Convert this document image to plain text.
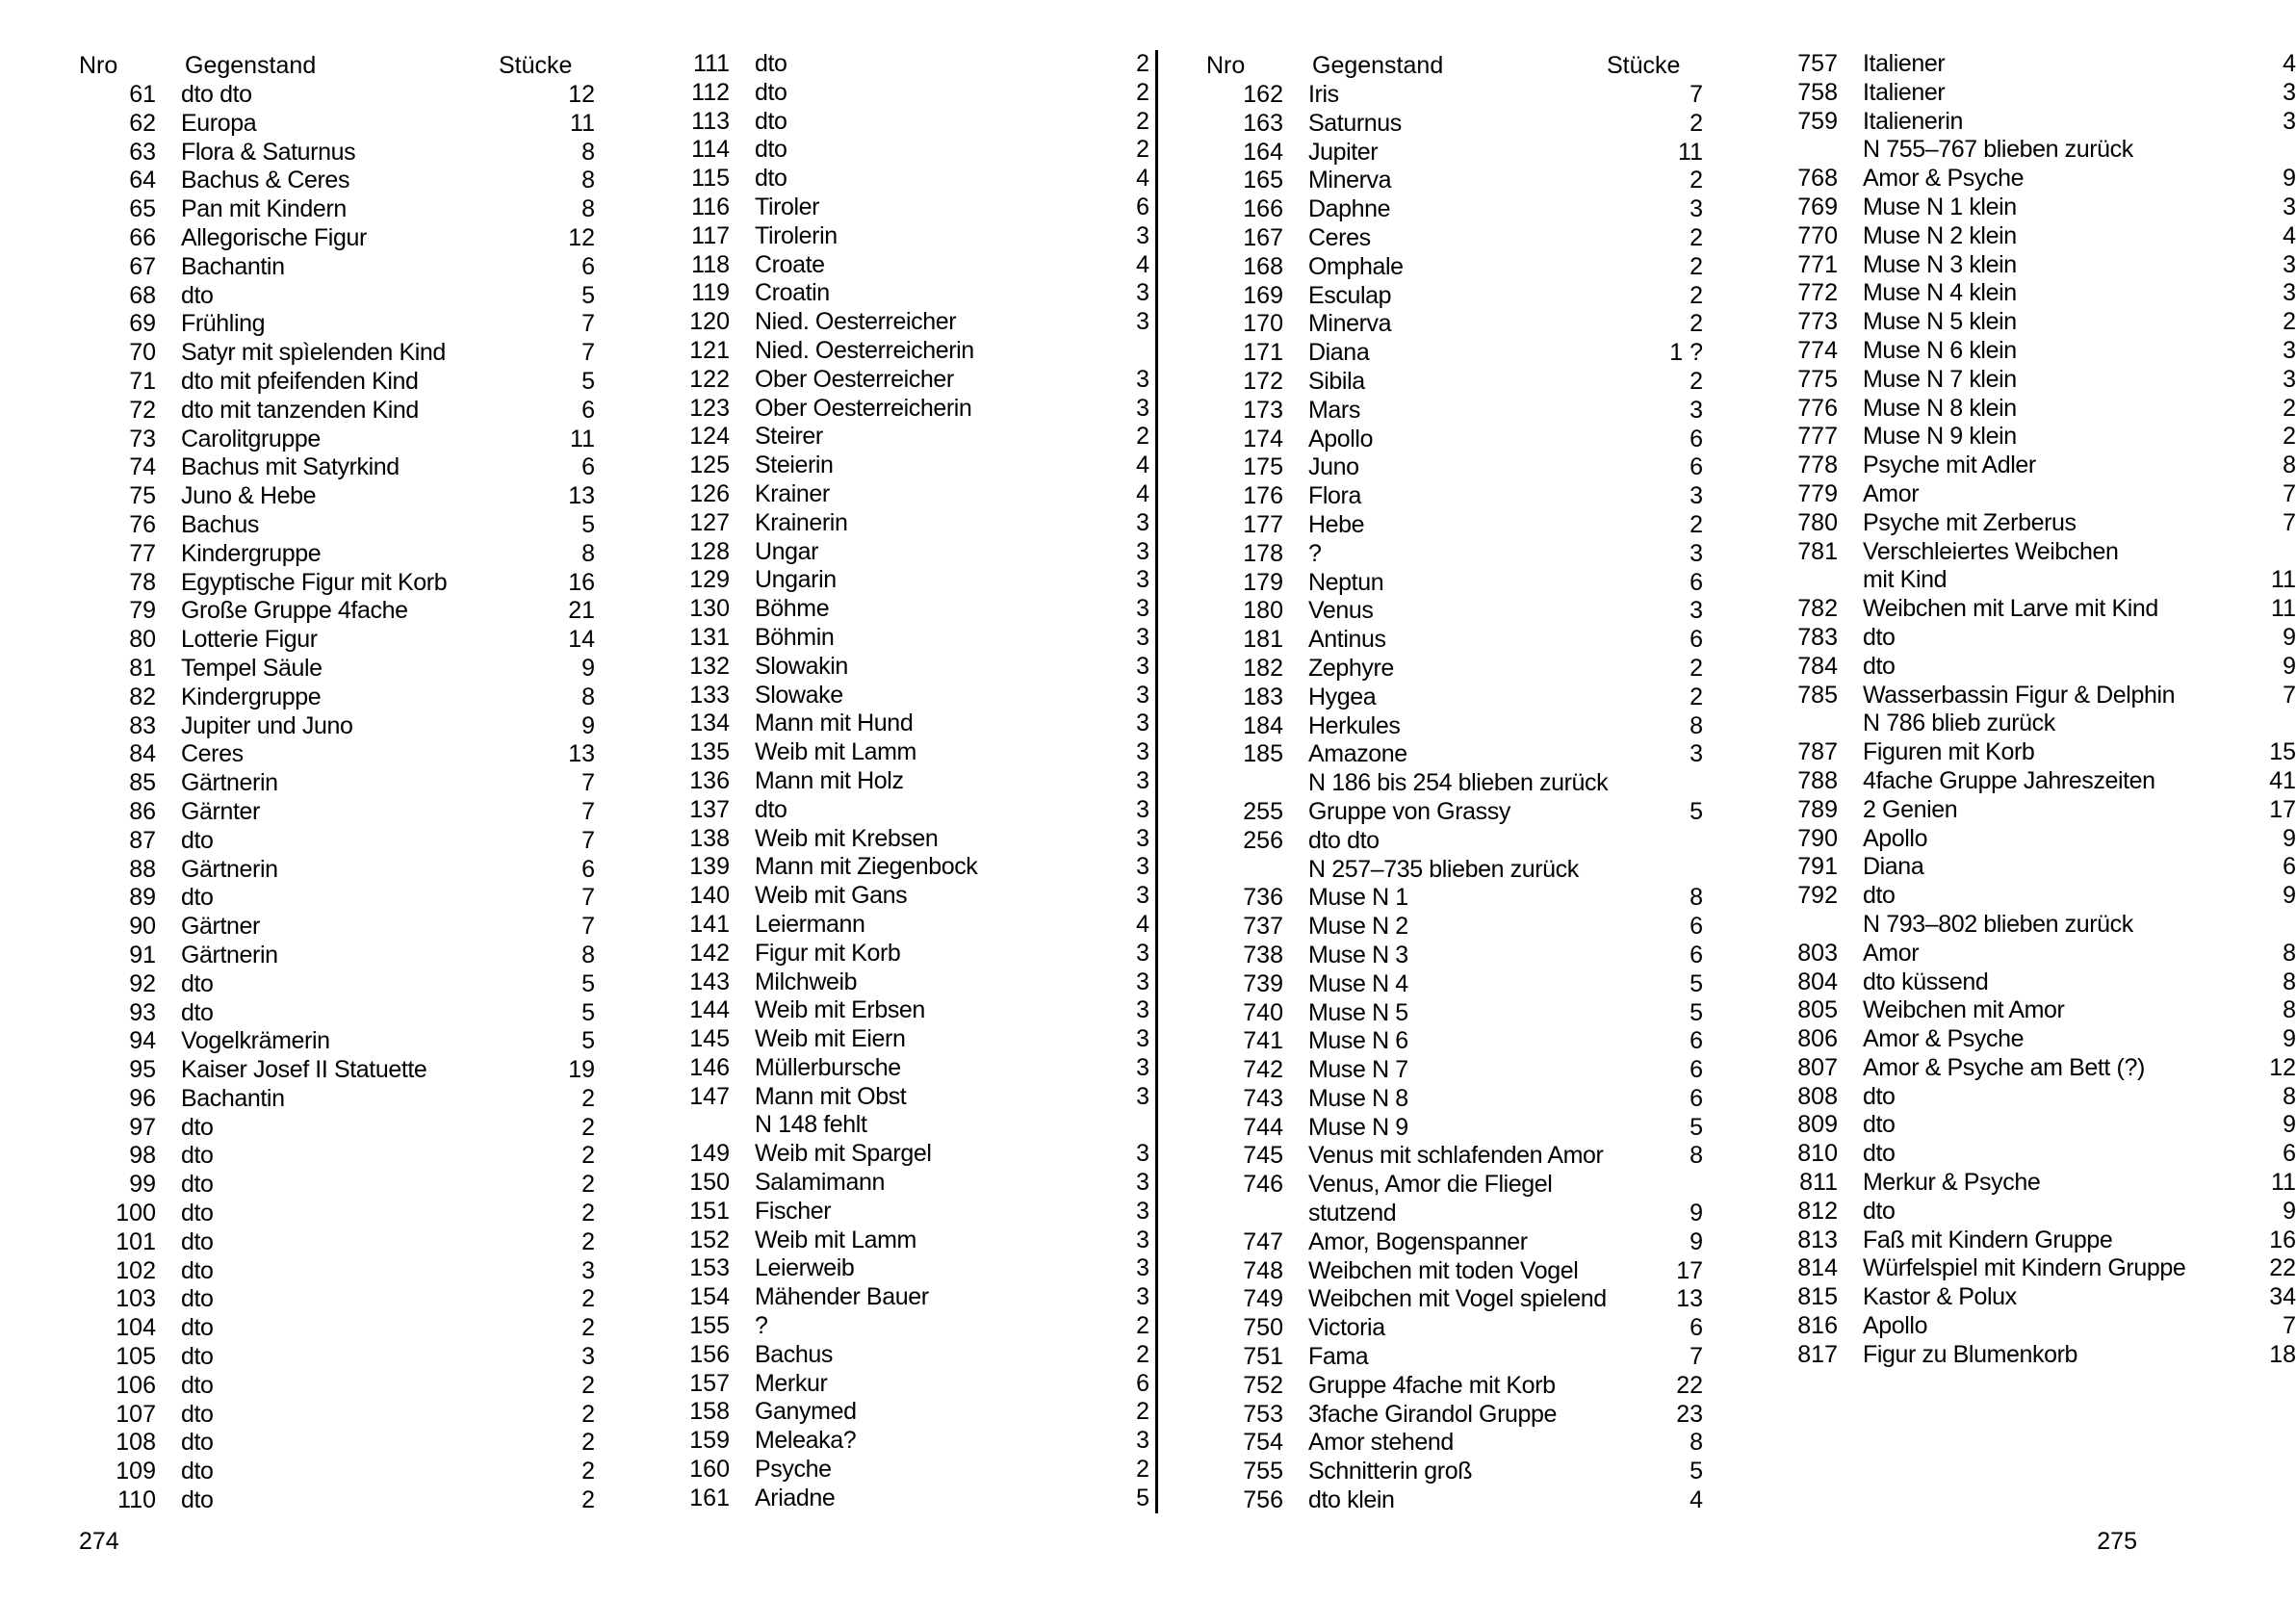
Nro	Gegenstand	Stücke
61	dto dto	12
62	Europa	11
63	Flora & Saturnus	8
64	Bachus & Ceres	8
65	Pan mit Kindern	8
66	Allegorische Figur	12
67	Bachantin	6
68	dto	5
69	Frühling	7
70	Satyr mit spìelenden Kind	7
71	dto mit pfeifenden Kind	5
72	dto mit tanzenden Kind	6
73	Carolitgruppe	11
74	Bachus mit Satyrkind	6
75	Juno & Hebe	13
76	Bachus	5
77	Kindergruppe	8
78	Egyptische Figur mit Korb	16
79	Große Gruppe 4fache	21
80	Lotterie Figur	14
81	Tempel Säule	9
82	Kindergruppe	8
83	Jupiter und Juno	9
84	Ceres	13
85	Gärtnerin	7
86	Gärnter	7
87	dto	7
88	Gärtnerin	6
89	dto	7
90	Gärtner	7
91	Gärtnerin	8
92	dto	5
93	dto	5
94	Vogelkrämerin	5
95	Kaiser Josef II Statuette	19
96	Bachantin	2
97	dto	2
98	dto	2
99	dto	2
100	dto	2
101	dto	2
102	dto	3
103	dto	2
104	dto	2
105	dto	3
106	dto	2
107	dto	2
108	dto	2
109	dto	2
110	dto	2
111	dto	2
112	dto	2
113	dto	2
114	dto	2
115	dto	4
116	Tiroler	6
117	Tirolerin	3
118	Croate	4
119	Croatin	3
120	Nied. Oesterreicher	3
121	Nied. Oesterreicherin
122	Ober Oesterreicher	3
123	Ober Oesterreicherin	3
124	Steirer	2
125	Steierin	4
126	Krainer	4
127	Krainerin	3
128	Ungar	3
129	Ungarin	3
130	Böhme	3
131	Böhmin	3
132	Slowakin	3
133	Slowake	3
134	Mann mit Hund	3
135	Weib mit Lamm	3
136	Mann mit Holz	3
137	dto	3
138	Weib mit Krebsen	3
139	Mann mit Ziegenbock	3
140	Weib mit Gans	3
141	Leiermann	4
142	Figur mit Korb	3
143	Milchweib	3
144	Weib mit Erbsen	3
145	Weib mit Eiern	3
146	Müllerbursche	3
147	Mann mit Obst	3
N 148 fehlt
149	Weib mit Spargel	3
150	Salamimann	3
151	Fischer	3
152	Weib mit Lamm	3
153	Leierweib	3
154	Mähender Bauer	3
155	?	2
156	Bachus	2
157	Merkur	6
158	Ganymed	2
159	Meleaka?	3
160	Psyche	2
161	Ariadne	5
Nro	Gegenstand	Stücke
162	Iris	7
163	Saturnus	2
164	Jupiter	11
165	Minerva	2
166	Daphne	3
167	Ceres	2
168	Omphale	2
169	Esculap	2
170	Minerva	2
171	Diana	1 ?
172	Sibila	2
173	Mars	3
174	Apollo	6
175	Juno	6
176	Flora	3
177	Hebe	2
178	?	3
179	Neptun	6
180	Venus	3
181	Antinus	6
182	Zephyre	2
183	Hygea	2
184	Herkules	8
185	Amazone	3
N 186 bis 254 blieben zurück
255	Gruppe von Grassy	5
256	dto dto
N 257–735 blieben zurück
736	Muse N 1	8
737	Muse N 2	6
738	Muse N 3	6
739	Muse N 4	5
740	Muse N 5	5
741	Muse N 6	6
742	Muse N 7	6
743	Muse N 8	6
744	Muse N 9	5
745	Venus mit schlafenden Amor	8
746	Venus, Amor die Fliegel
stutzend	9
747	Amor, Bogenspanner	9
748	Weibchen mit toden Vogel	17
749	Weibchen mit Vogel spielend	13
750	Victoria	6
751	Fama	7
752	Gruppe 4fache mit Korb	22
753	3fache Girandol Gruppe	23
754	Amor stehend	8
755	Schnitterin groß	5
756	dto klein	4
757	Italiener	4
758	Italiener	3
759	Italienerin	3
N 755–767 blieben zurück
768	Amor & Psyche	9
769	Muse N 1 klein	3
770	Muse N 2 klein	4
771	Muse N 3 klein	3
772	Muse N 4 klein	3
773	Muse N 5 klein	2
774	Muse N 6 klein	3
775	Muse N 7 klein	3
776	Muse N 8 klein	2
777	Muse N 9 klein	2
778	Psyche mit Adler	8
779	Amor	7
780	Psyche mit Zerberus	7
781	Verschleiertes Weibchen
mit Kind	11
782	Weibchen mit Larve mit Kind	11
783	dto	9
784	dto	9
785	Wasserbassin Figur & Delphin	7
N 786 blieb zurück
787	Figuren mit Korb	15
788	4fache Gruppe Jahreszeiten	41
789	2 Genien	17
790	Apollo	9
791	Diana	6
792	dto	9
N 793–802 blieben zurück
803	Amor	8
804	dto küssend	8
805	Weibchen mit Amor	8
806	Amor & Psyche	9
807	Amor & Psyche am Bett (?)	12
808	dto	8
809	dto	9
810	dto	6
811	Merkur & Psyche	11
812	dto	9
813	Faß mit Kindern Gruppe	16
814	Würfelspiel mit Kindern Gruppe	22
815	Kastor & Polux	34
816	Apollo	7
817	Figur zu Blumenkorb	18
274	275
